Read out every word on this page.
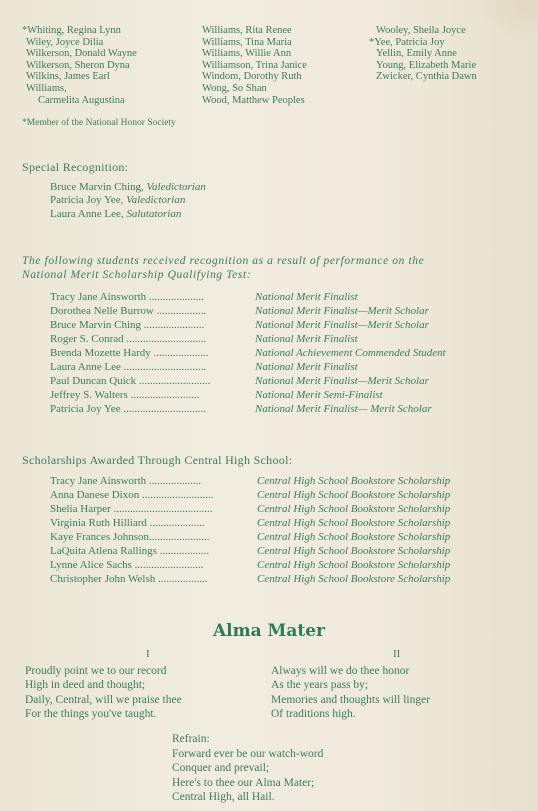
*Whiting, Regina Lynn
Wiley, Joyce Dilia
Wilkerson, Donald Wayne
Wilkerson, Sheron Dyna
Wilkins, James Earl
Williams,
Carmelita Augustina
Williams, Rita Renee
Williams, Tina Maria
Williams, Willie Ann
Williamson, Trina Janice
Windom, Dorothy Ruth
Wong, So Shan
Wood, Matthew Peoples
Wooley, Sheila Joyce
*Yee, Patricia Joy
Yellin, Emily Anne
Young, Elizabeth Marie
Zwicker, Cynthia Dawn
*Member of the National Honor Society
Special Recognition:
Bruce Marvin Ching, Valedictorian
Patricia Joy Yee, Valedictorian
Laura Anne Lee, Salutatorian
The following students received recognition as a result of performance on the
National Merit Scholarship Qualifying Test:
Tracy Jane Ainsworth ....................	National Merit Finalist
Dorothea Nelle Burrow ..................	National Merit Finalist—Merit Scholar
Bruce Marvin Ching ......................	National Merit Finalist—Merit Scholar
Roger S. Conrad .............................	National Merit Finalist
Brenda Mozette Hardy ....................	National Achievement Commended Student
Laura Anne Lee ..............................	National Merit Finalist
Paul Duncan Quick ..........................	National Merit Finalist—Merit Scholar
Jeffrey S. Walters .........................	National Merit Semi-Finalist
Patricia Joy Yee ..............................	National Merit Finalist— Merit Scholar
Scholarships Awarded Through Central High School:
Tracy Jane Ainsworth ...................	Central High School Bookstore Scholarship
Anna Danese Dixon ..........................	Central High School Bookstore Scholarship
Shelia Harper ....................................	Central High School Bookstore Scholarship
Virginia Ruth Hilliard ....................	Central High School Bookstore Scholarship
Kaye Frances Johnson......................	Central High School Bookstore Scholarship
LaQuita Atlena Rallings ..................	Central High School Bookstore Scholarship
Lynne Alice Sachs .........................	Central High School Bookstore Scholarship
Christopher John Welsh ..................	Central High School Bookstore Scholarship
Alma Mater
I	II
Proudly point we to our record
High in deed and thought;
Daily, Central, will we praise thee
For the things you've taught.
Always will we do thee honor
As the years pass by;
Memories and thoughts will linger
Of traditions high.
Refrain:
Forward ever be our watch-word
Conquer and prevail;
Here's to thee our Alma Mater;
Central High, all Hail.
